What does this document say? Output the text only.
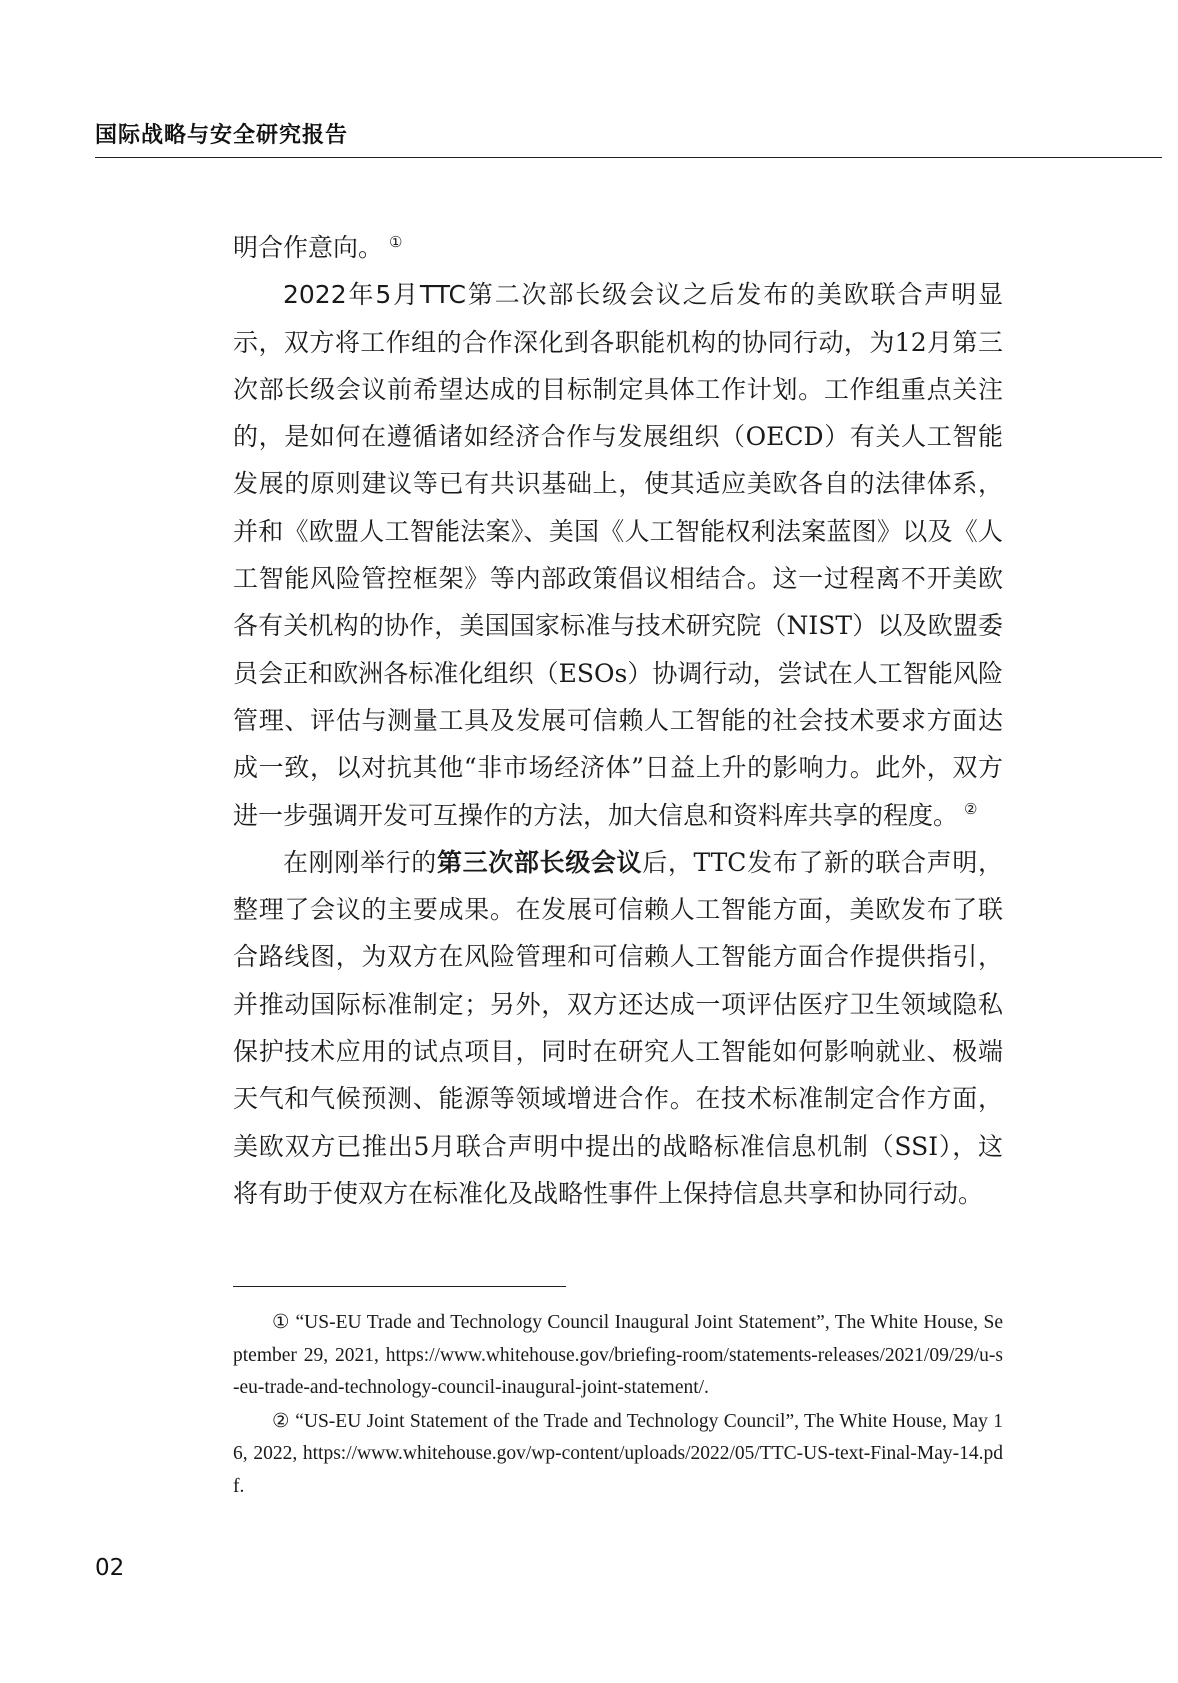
国际战略与安全研究报告

明合作意向。 ①

2022年5月TTC第二次部长级会议之后发布的美欧联合声明显示，双方将工作组的合作深化到各职能机构的协同行动，为12月第三次部长级会议前希望达成的目标制定具体工作计划。工作组重点关注的，是如何在遵循诸如经济合作与发展组织（OECD）有关人工智能发展的原则建议等已有共识基础上，使其适应美欧各自的法律体系，并和《欧盟人工智能法案》、美国《人工智能权利法案蓝图》以及《人工智能风险管控框架》等内部政策倡议相结合。这一过程离不开美欧各有关机构的协作，美国国家标准与技术研究院（NIST）以及欧盟委员会正和欧洲各标准化组织（ESOs）协调行动，尝试在人工智能风险管理、评估与测量工具及发展可信赖人工智能的社会技术要求方面达成一致，以对抗其他“非市场经济体”日益上升的影响力。此外，双方进一步强调开发可互操作的方法，加大信息和资料库共享的程度。 ②

在刚刚举行的第三次部长级会议后，TTC发布了新的联合声明，整理了会议的主要成果。在发展可信赖人工智能方面，美欧发布了联合路线图，为双方在风险管理和可信赖人工智能方面合作提供指引，并推动国际标准制定；另外，双方还达成一项评估医疗卫生领域隐私保护技术应用的试点项目，同时在研究人工智能如何影响就业、极端天气和气候预测、能源等领域增进合作。在技术标准制定合作方面，美欧双方已推出5月联合声明中提出的战略标准信息机制（SSI），这将有助于使双方在标准化及战略性事件上保持信息共享和协同行动。

① “US-EU Trade and Technology Council Inaugural Joint Statement”, The White House, September 29, 2021, https://www.whitehouse.gov/briefing-room/statements-releases/2021/09/29/u-s-eu-trade-and-technology-council-inaugural-joint-statement/.

② “US-EU Joint Statement of the Trade and Technology Council”, The White House, May 16, 2022, https://www.whitehouse.gov/wp-content/uploads/2022/05/TTC-US-text-Final-May-14.pdf.

02
